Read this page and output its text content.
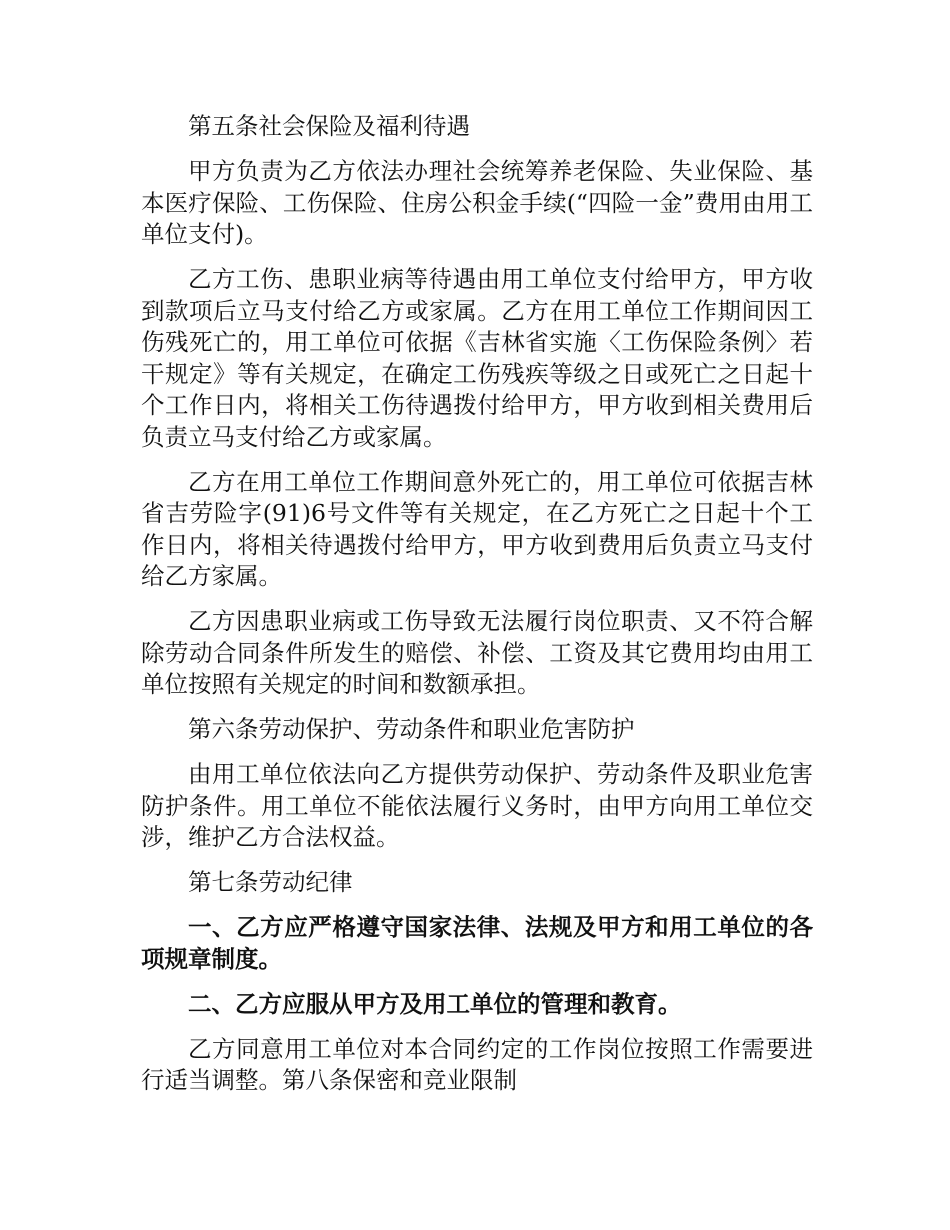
第五条社会保险及福利待遇

甲方负责为乙方依法办理社会统筹养老保险、失业保险、基本医疗保险、工伤保险、住房公积金手续(“四险一金”费用由用工单位支付)。

乙方工伤、患职业病等待遇由用工单位支付给甲方，甲方收到款项后立马支付给乙方或家属。乙方在用工单位工作期间因工伤残死亡的，用工单位可依据《吉林省实施〈工伤保险条例〉若干规定》等有关规定，在确定工伤残疾等级之日或死亡之日起十个工作日内，将相关工伤待遇拨付给甲方，甲方收到相关费用后负责立马支付给乙方或家属。

乙方在用工单位工作期间意外死亡的，用工单位可依据吉林省吉劳险字(91)6号文件等有关规定，在乙方死亡之日起十个工作日内，将相关待遇拨付给甲方，甲方收到费用后负责立马支付给乙方家属。

乙方因患职业病或工伤导致无法履行岗位职责、又不符合解除劳动合同条件所发生的赔偿、补偿、工资及其它费用均由用工单位按照有关规定的时间和数额承担。

第六条劳动保护、劳动条件和职业危害防护

由用工单位依法向乙方提供劳动保护、劳动条件及职业危害防护条件。用工单位不能依法履行义务时，由甲方向用工单位交涉，维护乙方合法权益。

第七条劳动纪律

一、乙方应严格遵守国家法律、法规及甲方和用工单位的各项规章制度。

二、乙方应服从甲方及用工单位的管理和教育。

乙方同意用工单位对本合同约定的工作岗位按照工作需要进行适当调整。第八条保密和竞业限制
